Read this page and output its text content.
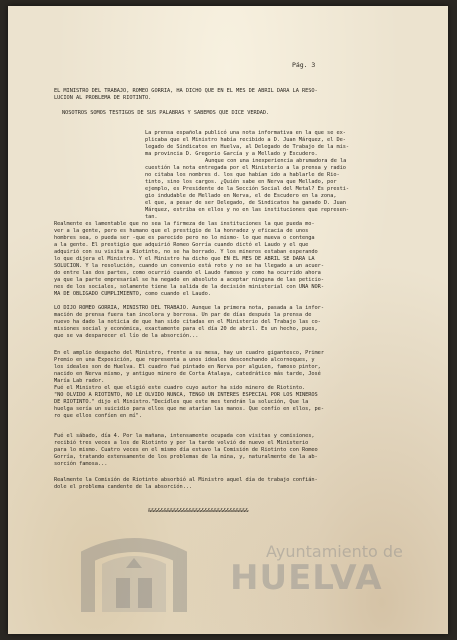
Pág. 3
EL MINISTRO DEL TRABAJO, ROMEO GORRIA, HA DICHO QUE EN EL MES DE ABRIL DARA LA RESO-
LUCION AL PROBLEMA DE RIOTINTO.
NOSOTROS SOMOS TESTIGOS DE SUS PALABRAS Y SABEMOS QUE DICE VERDAD.
La prensa española publicó una nota informativa en la que se ex-
plicaba que el Ministro había recibido a D. Juan Márquez, el De-
legado de Sindicatos en Huelva, al Delegado de Trabajo de la mis-
ma provincia D. Gregorio García y a Mellado y Escudero.
Aunque con una inexperiencia abrumadora de la
cuestión la nota entregada por el Ministerio a la prensa y radio
no citaba los nombres d. los que habían ido a hablarle de Rio-
tinto, sino los cargos. ¿Quién sabe en Nerva que Mellado, por
ejemplo, es Presidente de la Sección Social del Metal? Es presti-
gio indudable de Mellado en Nerva, el de Escudero en la zona,
el que, a pesar de ser Delegado, de Sindicatos ha ganado D. Juan
Márquez, estriba en ellos y no en las instituciones que represen-
tan.
Realmente es lamentable que no sea la firmeza de las instituciones la que pueda mo-
ver a la gente, pero es humano que el prestigio de la honradez y eficacia de unos
hombres sea, o pueda ser -que es parecido pero no lo mismo- lo que mueva o contenga
a la gente. El prestigio que adquirió Romeo Gorría cuando dictó el Laudo y el que
adquirió con su visita a Riotinto, no se ha borrado. Y los mineros estaban esperando
lo que dijera el Ministro. Y el Ministro ha dicho que EN EL MES DE ABRIL SE DARA LA
SOLUCION. Y la resolución, cuando un convenio está roto y no se ha llegado a un acuer-
do entre las dos partes, como ocurrió cuando el Laudo famoso y como ha ocurrido ahora
ya que la parte empresarial se ha negado en absoluto a aceptar ninguna de las peticio-
nes de los sociales, solamente tiene la salida de la decisión ministerial con UNA NOR-
MA DE OBLIGADO CUMPLIMIENTO, como cuando el Laudo.
LO DIJO ROMEO GORRIA, MINISTRO DEL TRABAJO. Aunque la primera nota, pasada a la infor-
mación de prensa fuera tan incolora y borrosa. Un par de días después la prensa de
nuevo ha dado la noticia de que han sido citadas en el Ministerio del Trabajo las co-
misiones social y económica, exactamente para el día 20 de abril. Es un hecho, pues,
que se va desparecer el lío de la absorción...
En el amplio despacho del Ministro, frente a su mesa, hay un cuadro gigantesco, Primer
Premio en una Exposición, que representa a unos ideales desconchando alcornoques, y
los ideales son de Huelva. El cuadro fué pintado en Nerva por alguien, famoso pintor,
nacido en Nerva mismo, y antiguo minero de Corta Atalaya, catedrático más tarde, José
María Lab rador.
Fué el Ministro el que eligió este cuadro cuyo autor ha sido minero de Riotinto.
"NO OLVIDO A RIOTINTO, NO LE OLVIDO NUNCA, TENGO UN INTERES ESPECIAL POR LOS MINEROS
DE RIOTINTO." dijo el Ministro."Decídles que este mes tendrán la solución, Que la
huelga sería un suicidio para ellos que me atarían las manos. Que confío en ellos, pe-
ro que ellos confíen en mí".
Fué el sábado, día 4. Por la mañana, intensamente ocupada con visitas y comisiones,
recibió tres veces a los de Riotinto y por la tarde volvió de nuevo el Ministerio
para lo mismo. Cuatro veces en el mismo día estuvo la Comisión de Riotinto con Romeo
Gorría, tratando extensamente de los problemas de la mina, y, naturalmente de la ab-
sorción famosa...
Realmente la Comisión de Riotinto absorbió al Ministro aquel día de trabajo confián-
dole el problema candente de la absorción...
&&&&&&&&&&&&&&&&&&&&&&&&&&&&&&&&
Ayuntamiento de
HUELVA
